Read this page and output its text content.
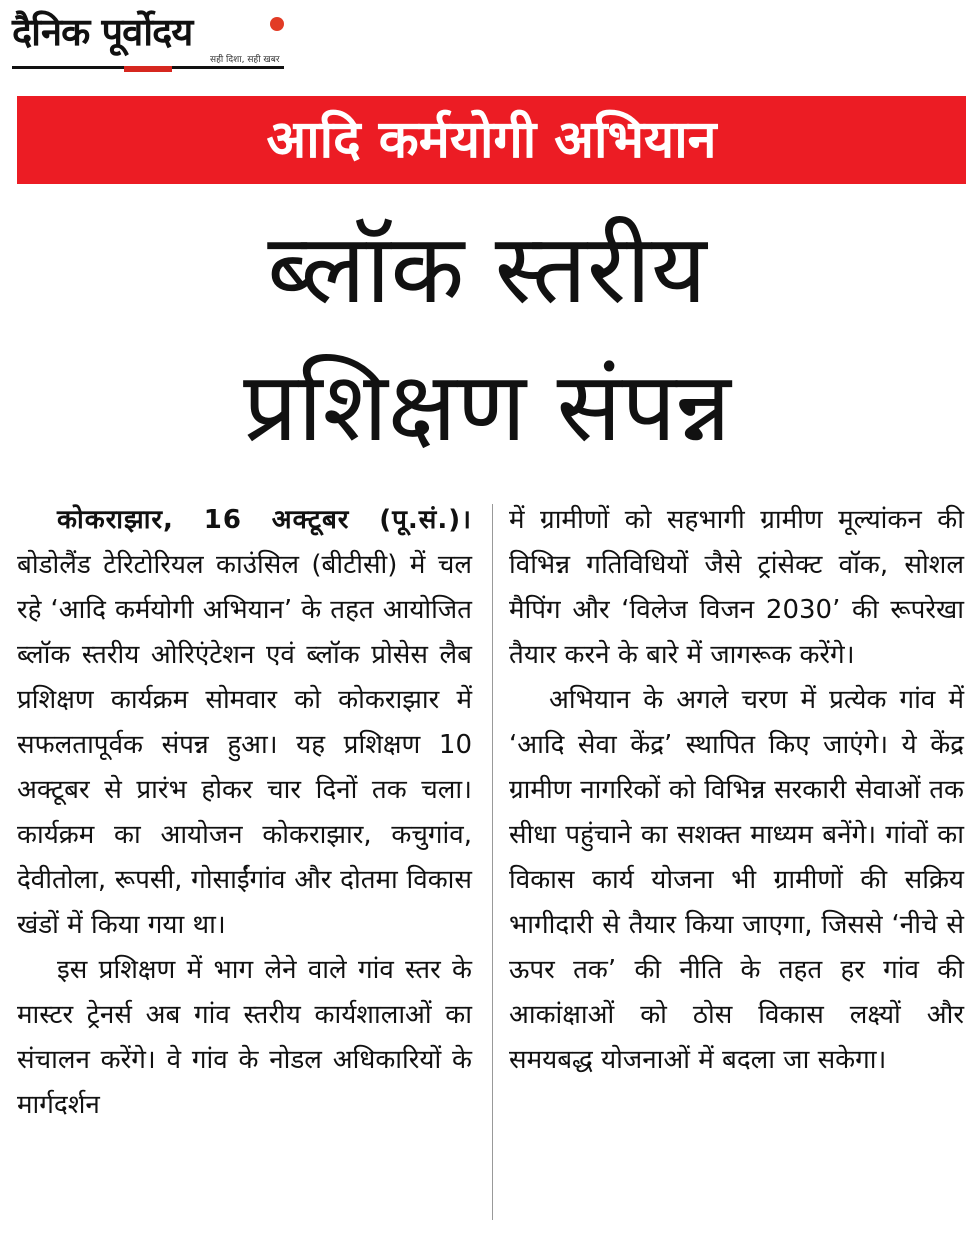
दैनिक पूर्वोदय
सही दिशा, सही खबर
आदि कर्मयोगी अभियान
ब्लॉक स्तरीय
प्रशिक्षण संपन्न

कोकराझार, 16 अक्टूबर (पू.सं.)। बोडोलैंड टेरिटोरियल काउंसिल (बीटीसी) में चल रहे ‘आदि कर्मयोगी अभियान’ के तहत आयोजित ब्लॉक स्तरीय ओरिएंटेशन एवं ब्लॉक प्रोसेस लैब प्रशिक्षण कार्यक्रम सोमवार को कोकराझार में सफलतापूर्वक संपन्न हुआ। यह प्रशिक्षण 10 अक्टूबर से प्रारंभ होकर चार दिनों तक चला। कार्यक्रम का आयोजन कोकराझार, कचुगांव, देवीतोला, रूपसी, गोसाईंगांव और दोतमा विकास खंडों में किया गया था।

इस प्रशिक्षण में भाग लेने वाले गांव स्तर के मास्टर ट्रेनर्स अब गांव स्तरीय कार्यशालाओं का संचालन करेंगे। वे गांव के नोडल अधिकारियों के मार्गदर्शन

में ग्रामीणों को सहभागी ग्रामीण मूल्यांकन की विभिन्न गतिविधियों जैसे ट्रांसेक्ट वॉक, सोशल मैपिंग और ‘विलेज विजन 2030’ की रूपरेखा तैयार करने के बारे में जागरूक करेंगे।

अभियान के अगले चरण में प्रत्येक गांव में ‘आदि सेवा केंद्र’ स्थापित किए जाएंगे। ये केंद्र ग्रामीण नागरिकों को विभिन्न सरकारी सेवाओं तक सीधा पहुंचाने का सशक्त माध्यम बनेंगे। गांवों का विकास कार्य योजना भी ग्रामीणों की सक्रिय भागीदारी से तैयार किया जाएगा, जिससे ‘नीचे से ऊपर तक’ की नीति के तहत हर गांव की आकांक्षाओं को ठोस विकास लक्ष्यों और समयबद्ध योजनाओं में बदला जा सकेगा।
